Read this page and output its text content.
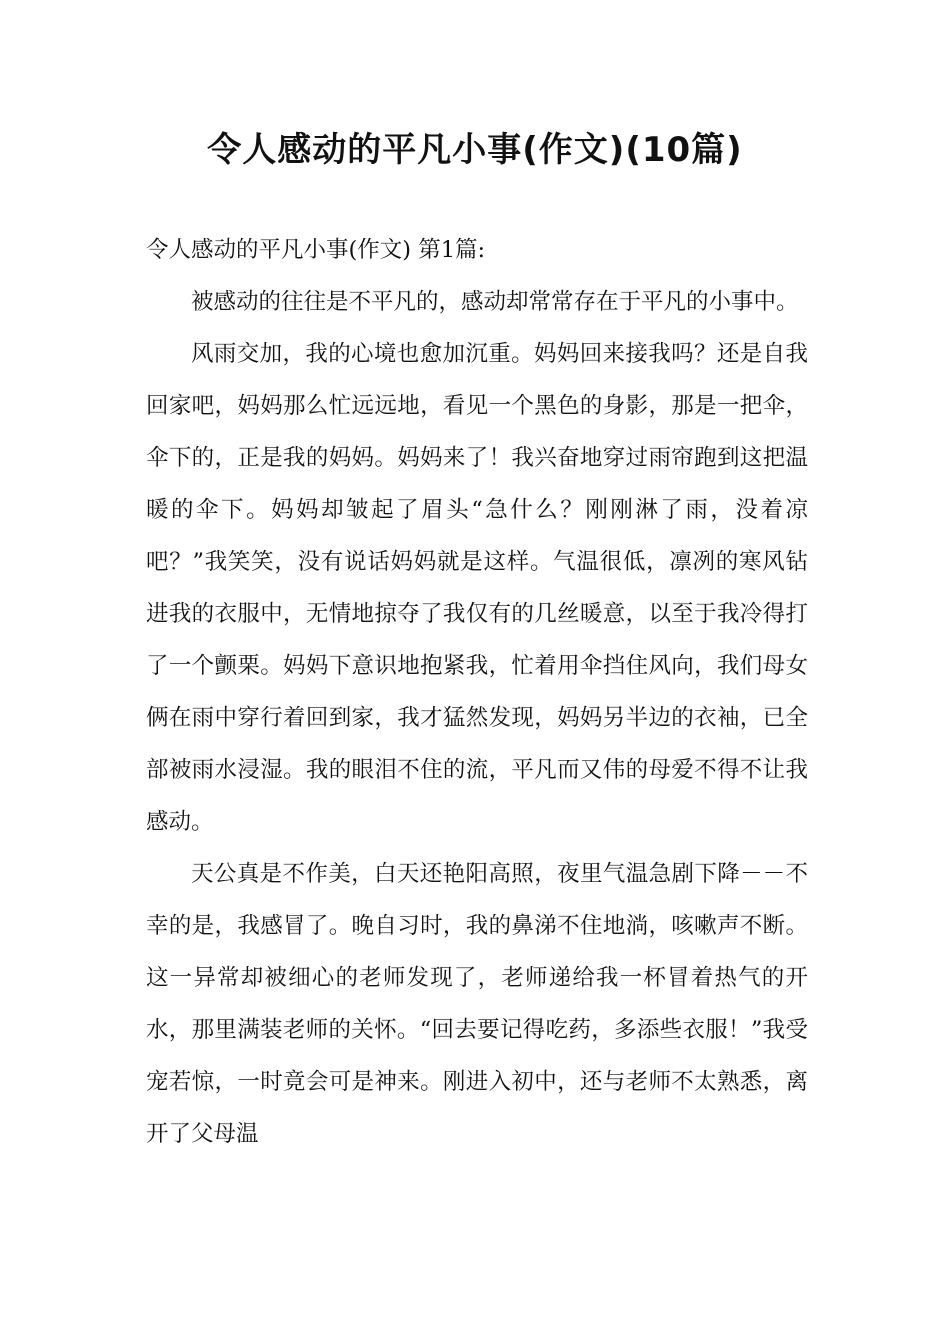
令人感动的平凡小事(作文)(10篇)

令人感动的平凡小事(作文) 第1篇:

被感动的往往是不平凡的，感动却常常存在于平凡的小事中。

风雨交加，我的心境也愈加沉重。妈妈回来接我吗？还是自我回家吧，妈妈那么忙远远地，看见一个黑色的身影，那是一把伞，伞下的，正是我的妈妈。妈妈来了！我兴奋地穿过雨帘跑到这把温暖的伞下。妈妈却皱起了眉头“急什么？刚刚淋了雨，没着凉吧？”我笑笑，没有说话妈妈就是这样。气温很低，凛冽的寒风钻进我的衣服中，无情地掠夺了我仅有的几丝暖意，以至于我冷得打了一个颤栗。妈妈下意识地抱紧我，忙着用伞挡住风向，我们母女俩在雨中穿行着回到家，我才猛然发现，妈妈另半边的衣袖，已全部被雨水浸湿。我的眼泪不住的流，平凡而又伟的母爱不得不让我感动。

天公真是不作美，白天还艳阳高照，夜里气温急剧下降－－不幸的是，我感冒了。晚自习时，我的鼻涕不住地淌，咳嗽声不断。这一异常却被细心的老师发现了，老师递给我一杯冒着热气的开水，那里满装老师的关怀。“回去要记得吃药，多添些衣服！”我受宠若惊，一时竟会可是神来。刚进入初中，还与老师不太熟悉，离开了父母温
